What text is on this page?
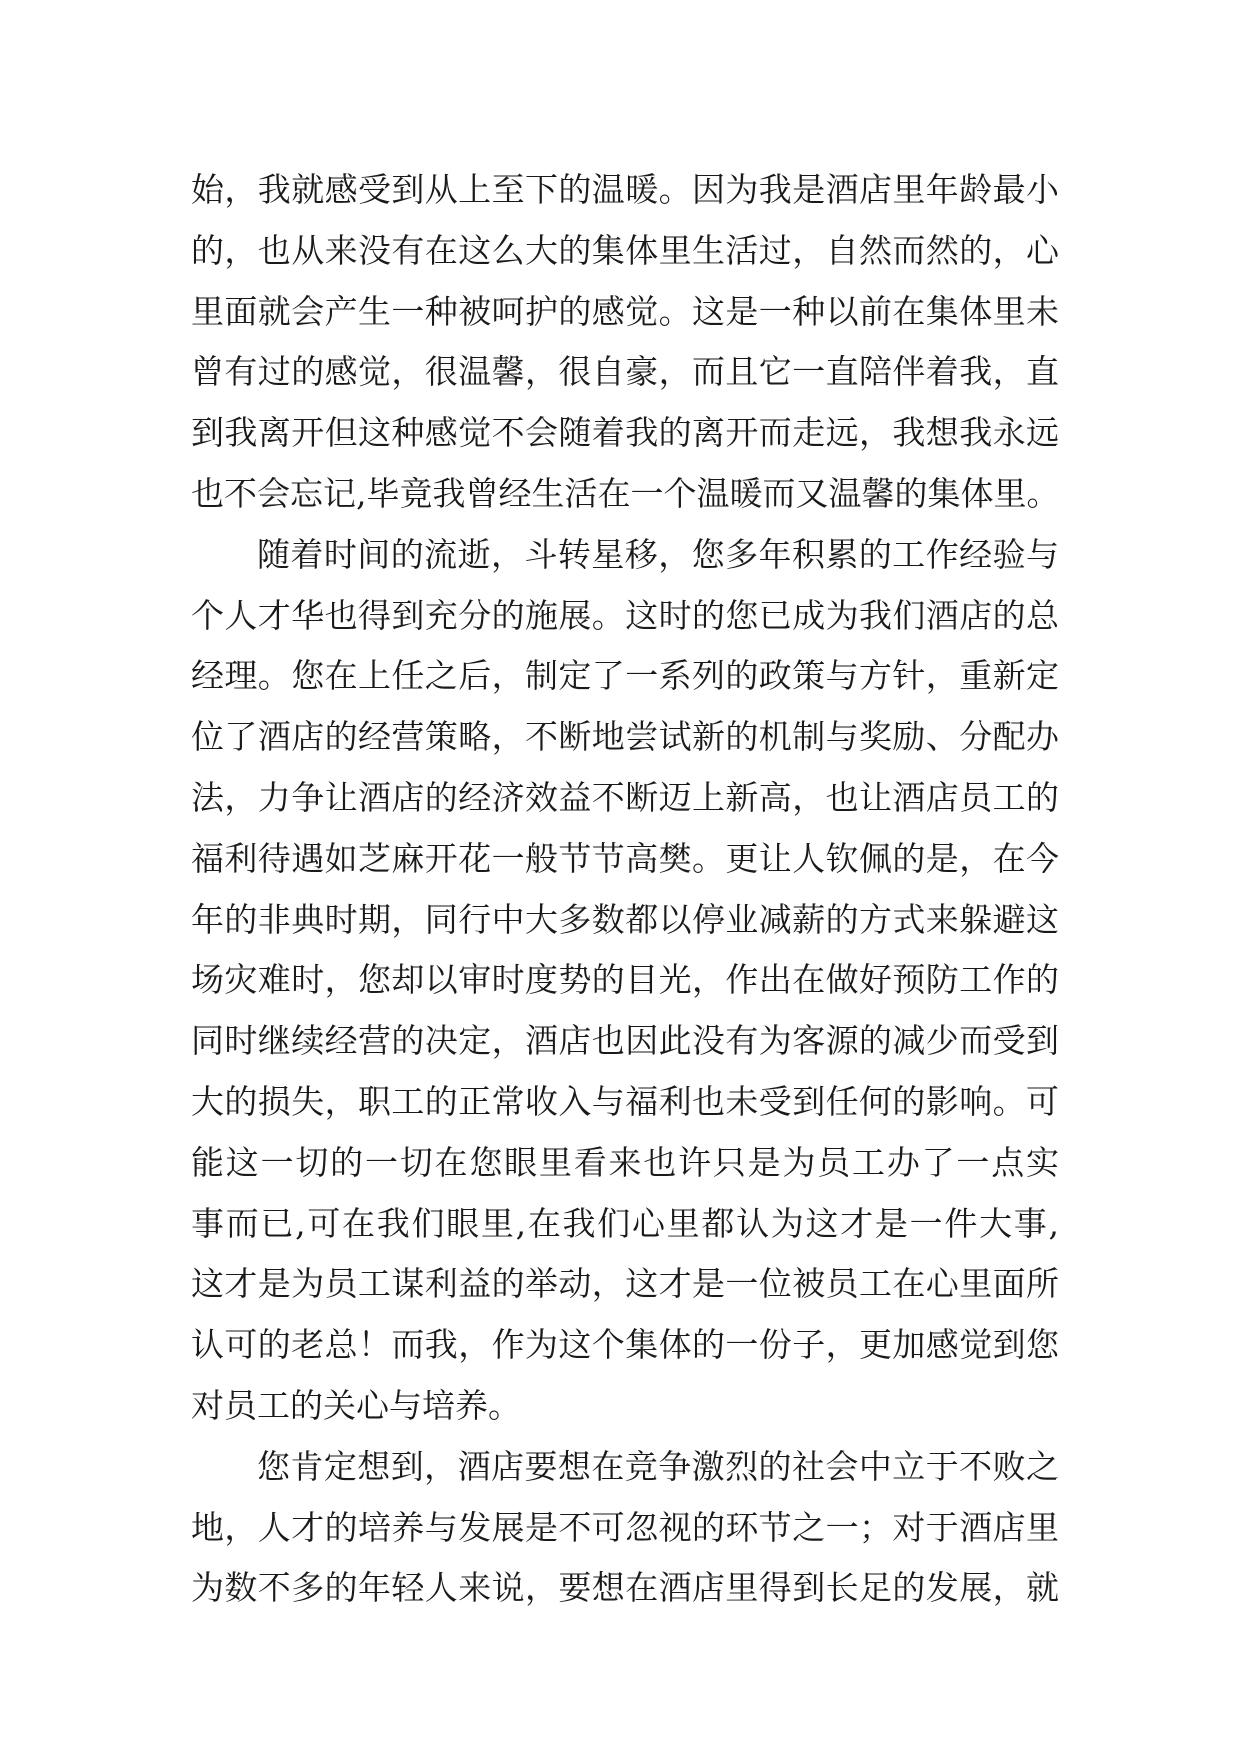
始，我就感受到从上至下的温暖。因为我是酒店里年龄最小
的，也从来没有在这么大的集体里生活过，自然而然的，心
里面就会产生一种被呵护的感觉。这是一种以前在集体里未
曾有过的感觉，很温馨，很自豪，而且它一直陪伴着我，直
到我离开但这种感觉不会随着我的离开而走远，我想我永远
也不会忘记,毕竟我曾经生活在一个温暖而又温馨的集体里。
随着时间的流逝，斗转星移，您多年积累的工作经验与
个人才华也得到充分的施展。这时的您已成为我们酒店的总
经理。您在上任之后，制定了一系列的政策与方针，重新定
位了酒店的经营策略，不断地尝试新的机制与奖励、分配办
法，力争让酒店的经济效益不断迈上新高，也让酒店员工的
福利待遇如芝麻开花一般节节高樊。更让人钦佩的是，在今
年的非典时期，同行中大多数都以停业减薪的方式来躲避这
场灾难时，您却以审时度势的目光，作出在做好预防工作的
同时继续经营的决定，酒店也因此没有为客源的减少而受到
大的损失，职工的正常收入与福利也未受到任何的影响。可
能这一切的一切在您眼里看来也许只是为员工办了一点实
事而已,可在我们眼里,在我们心里都认为这才是一件大事,
这才是为员工谋利益的举动，这才是一位被员工在心里面所
认可的老总！而我，作为这个集体的一份子，更加感觉到您
对员工的关心与培养。
您肯定想到，酒店要想在竞争激烈的社会中立于不败之
地，人才的培养与发展是不可忽视的环节之一；对于酒店里
为数不多的年轻人来说，要想在酒店里得到长足的发展，就
